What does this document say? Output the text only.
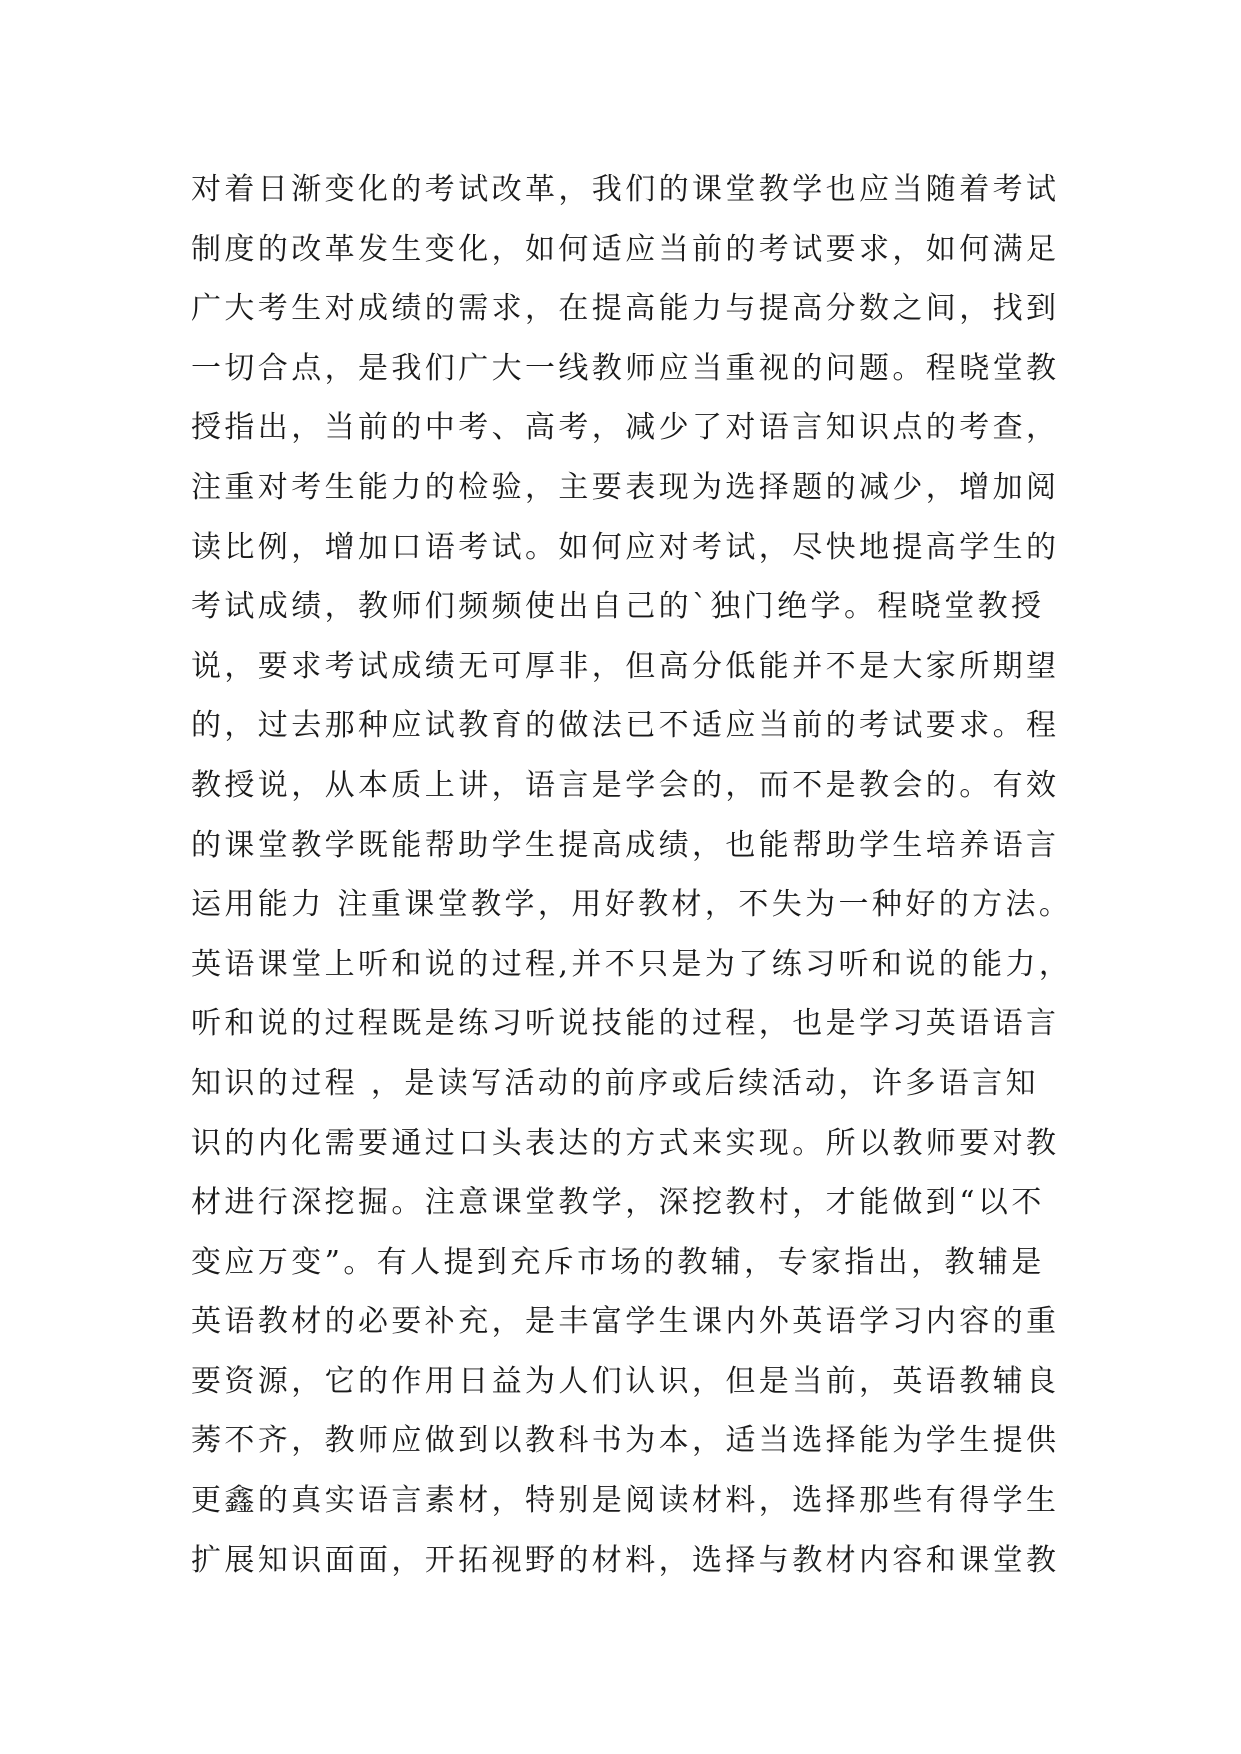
对着日渐变化的考试改革，我们的课堂教学也应当随着考试
制度的改革发生变化，如何适应当前的考试要求，如何满足
广大考生对成绩的需求，在提高能力与提高分数之间，找到
一切合点，是我们广大一线教师应当重视的问题。程晓堂教
授指出，当前的中考、高考，减少了对语言知识点的考查，
注重对考生能力的检验，主要表现为选择题的减少，增加阅
读比例，增加口语考试。如何应对考试，尽快地提高学生的
考试成绩，教师们频频使出自己的`独门绝学。程晓堂教授
说，要求考试成绩无可厚非，但高分低能并不是大家所期望
的，过去那种应试教育的做法已不适应当前的考试要求。程
教授说，从本质上讲，语言是学会的，而不是教会的。有效
的课堂教学既能帮助学生提高成绩，也能帮助学生培养语言
运用能力 注重课堂教学，用好教材，不失为一种好的方法。
英语课堂上听和说的过程,并不只是为了练习听和说的能力，
听和说的过程既是练习听说技能的过程，也是学习英语语言
知识的过程 ，是读写活动的前序或后续活动，许多语言知
识的内化需要通过口头表达的方式来实现。所以教师要对教
材进行深挖掘。注意课堂教学，深挖教村，才能做到“以不
变应万变”。有人提到充斥市场的教辅，专家指出，教辅是
英语教材的必要补充，是丰富学生课内外英语学习内容的重
要资源，它的作用日益为人们认识，但是当前，英语教辅良
莠不齐，教师应做到以教科书为本，适当选择能为学生提供
更鑫的真实语言素材，特别是阅读材料，选择那些有得学生
扩展知识面面，开拓视野的材料，选择与教材内容和课堂教
